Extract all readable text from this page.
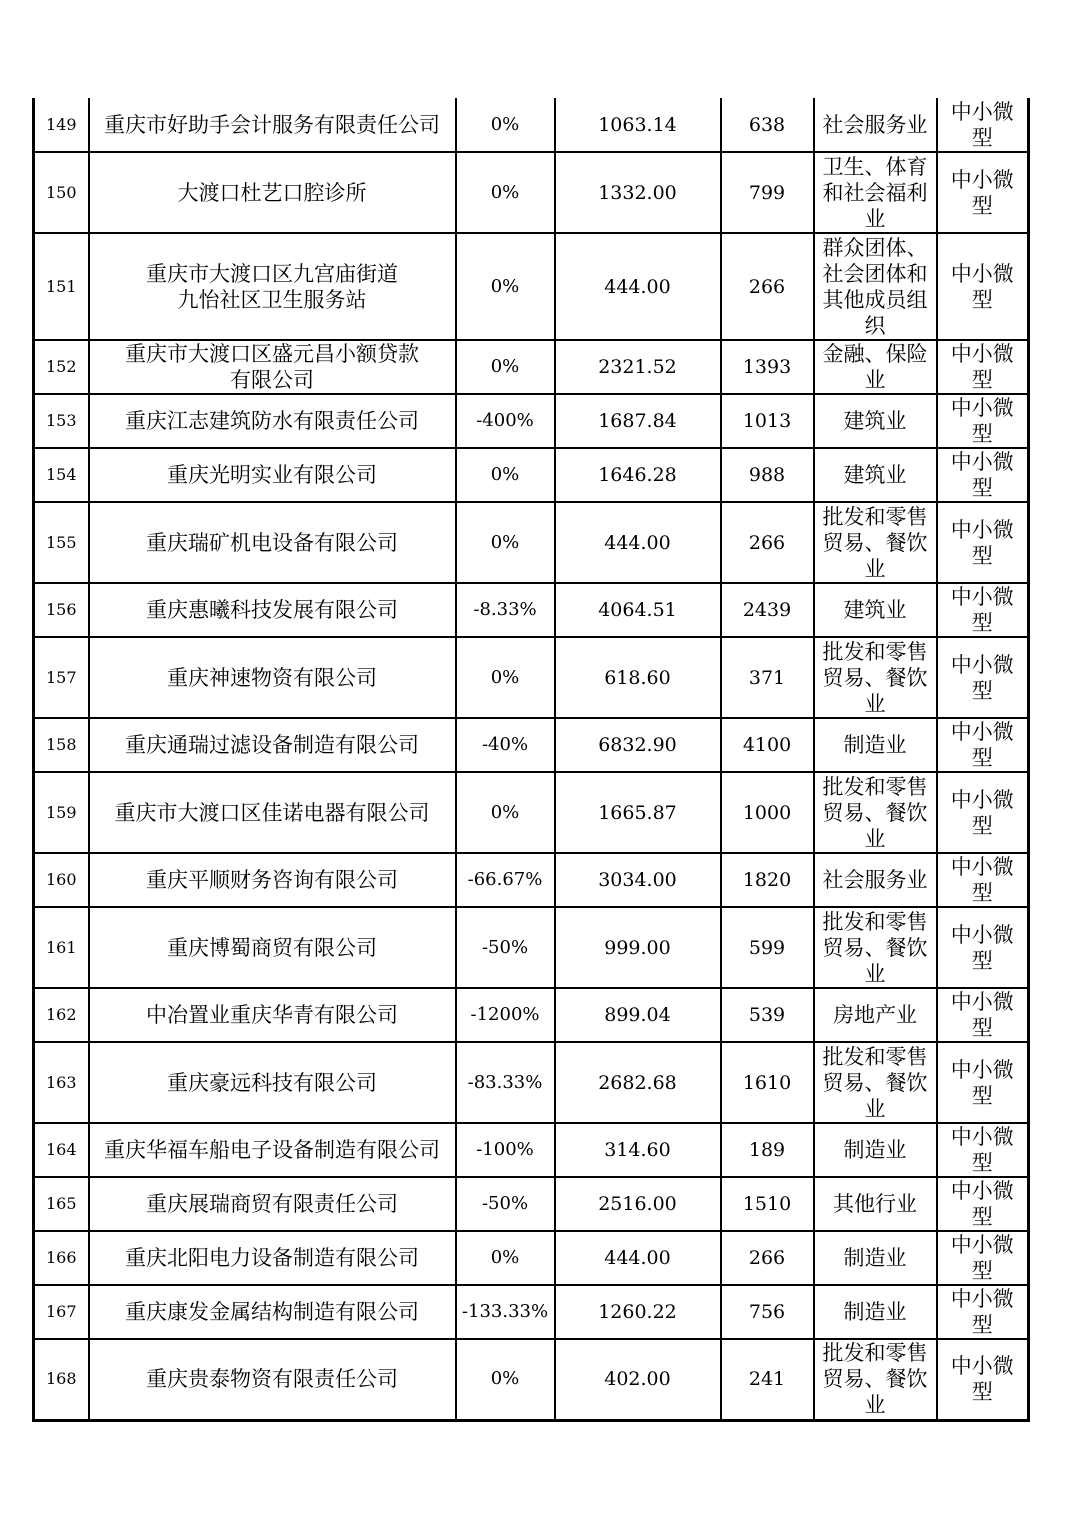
149	重庆市好助手会计服务有限责任公司	0%	1063.14	638	社会服务业	中小微
型

150	大渡口杜艺口腔诊所	0%	1332.00	799	卫生、体育
和社会福利
业	中小微
型

151	重庆市大渡口区九宫庙街道
九怡社区卫生服务站	0%	444.00	266	群众团体、
社会团体和
其他成员组
织	中小微
型

152	重庆市大渡口区盛元昌小额贷款
有限公司	0%	2321.52	1393	金融、保险
业	中小微
型

153	重庆江志建筑防水有限责任公司	-400%	1687.84	1013	建筑业	中小微
型

154	重庆光明实业有限公司	0%	1646.28	988	建筑业	中小微
型

155	重庆瑞矿机电设备有限公司	0%	444.00	266	批发和零售
贸易、餐饮
业	中小微
型

156	重庆惠曦科技发展有限公司	-8.33%	4064.51	2439	建筑业	中小微
型

157	重庆神速物资有限公司	0%	618.60	371	批发和零售
贸易、餐饮
业	中小微
型

158	重庆通瑞过滤设备制造有限公司	-40%	6832.90	4100	制造业	中小微
型

159	重庆市大渡口区佳诺电器有限公司	0%	1665.87	1000	批发和零售
贸易、餐饮
业	中小微
型

160	重庆平顺财务咨询有限公司	-66.67%	3034.00	1820	社会服务业	中小微
型

161	重庆博蜀商贸有限公司	-50%	999.00	599	批发和零售
贸易、餐饮
业	中小微
型

162	中冶置业重庆华青有限公司	-1200%	899.04	539	房地产业	中小微
型

163	重庆豪远科技有限公司	-83.33%	2682.68	1610	批发和零售
贸易、餐饮
业	中小微
型

164	重庆华福车船电子设备制造有限公司	-100%	314.60	189	制造业	中小微
型

165	重庆展瑞商贸有限责任公司	-50%	2516.00	1510	其他行业	中小微
型

166	重庆北阳电力设备制造有限公司	0%	444.00	266	制造业	中小微
型

167	重庆康发金属结构制造有限公司	-133.33%	1260.22	756	制造业	中小微
型

168	重庆贵泰物资有限责任公司	0%	402.00	241	批发和零售
贸易、餐饮
业	中小微
型
